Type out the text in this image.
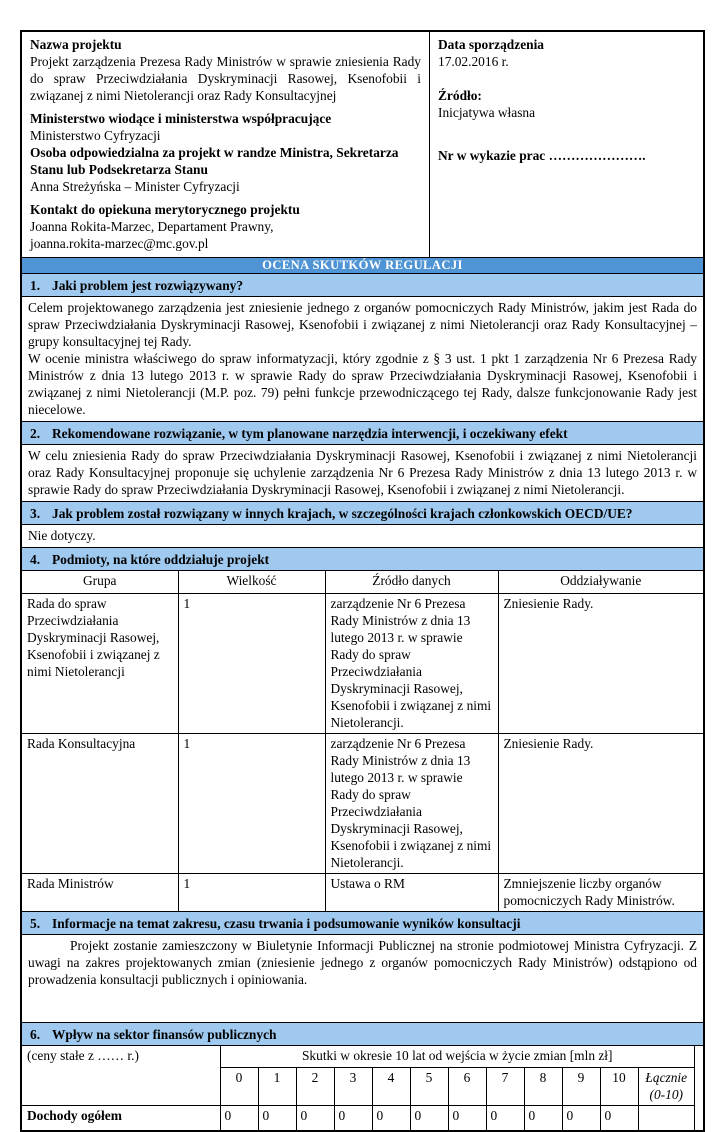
Nazwa projektu

Projekt zarządzenia Prezesa Rady Ministrów w sprawie zniesienia Rady do spraw Przeciwdziałania Dyskryminacji Rasowej, Ksenofobii i związanej z nimi Nietolerancji oraz Rady Konsultacyjnej

Ministerstwo wiodące i ministerstwa współpracujące

Ministerstwo Cyfryzacji

Osoba odpowiedzialna za projekt w randze Ministra, Sekretarza Stanu lub Podsekretarza Stanu

Anna Streżyńska – Minister Cyfryzacji

Kontakt do opiekuna merytorycznego projektu

Joanna Rokita-Marzec, Departament Prawny,

joanna.rokita-marzec@mc.gov.pl

Data sporządzenia

17.02.2016 r.

Źródło:

Inicjatywa własna

Nr w wykazie prac ………………….

OCENA SKUTKÓW REGULACJI
1. Jaki problem jest rozwiązywany?

Celem projektowanego zarządzenia jest zniesienie jednego z organów pomocniczych Rady Ministrów, jakim jest Rada do spraw Przeciwdziałania Dyskryminacji Rasowej, Ksenofobii i związanej z nimi Nietolerancji oraz Rady Konsultacyjnej – grupy konsultacyjnej tej Rady.

W ocenie ministra właściwego do spraw informatyzacji, który zgodnie z § 3 ust. 1 pkt 1 zarządzenia Nr 6 Prezesa Rady Ministrów z dnia 13 lutego 2013 r. w sprawie Rady do spraw Przeciwdziałania Dyskryminacji Rasowej, Ksenofobii i związanej z nimi Nietolerancji (M.P. poz. 79) pełni funkcje przewodniczącego tej Rady, dalsze funkcjonowanie Rady jest niecelowe.

2. Rekomendowane rozwiązanie, w tym planowane narzędzia interwencji, i oczekiwany efekt

W celu zniesienia Rady do spraw Przeciwdziałania Dyskryminacji Rasowej, Ksenofobii i związanej z nimi Nietolerancji oraz Rady Konsultacyjnej proponuje się uchylenie zarządzenia Nr 6 Prezesa Rady Ministrów z dnia 13 lutego 2013 r. w sprawie Rady do spraw Przeciwdziałania Dyskryminacji Rasowej, Ksenofobii i związanej z nimi Nietolerancji.

3. Jak problem został rozwiązany w innych krajach, w szczególności krajach członkowskich OECD/UE?

Nie dotyczy.

4. Podmioty, na które oddziałuje projekt
Grupa	Wielkość	Źródło danych	Oddziaływanie
Rada do spraw Przeciwdziałania Dyskryminacji Rasowej, Ksenofobii i związanej z nimi Nietolerancji	1	zarządzenie Nr 6 Prezesa Rady Ministrów z dnia 13 lutego 2013 r. w sprawie Rady do spraw Przeciwdziałania Dyskryminacji Rasowej, Ksenofobii i związanej z nimi Nietolerancji.	Zniesienie Rady.
Rada Konsultacyjna	1	zarządzenie Nr 6 Prezesa Rady Ministrów z dnia 13 lutego 2013 r. w sprawie Rady do spraw Przeciwdziałania Dyskryminacji Rasowej, Ksenofobii i związanej z nimi Nietolerancji.	Zniesienie Rady.
Rada Ministrów	1	Ustawa o RM	Zmniejszenie liczby organów pomocniczych Rady Ministrów.
5. Informacje na temat zakresu, czasu trwania i podsumowanie wyników konsultacji

Projekt zostanie zamieszczony w Biuletynie Informacji Publicznej na stronie podmiotowej Ministra Cyfryzacji. Z uwagi na zakres projektowanych zmian (zniesienie jednego z organów pomocniczych Rady Ministrów) odstąpiono od prowadzenia konsultacji publicznych i opiniowania.

6. Wpływ na sektor finansów publicznych
(ceny stałe z …… r.)	Skutki w okresie 10 lat od wejścia w życie zmian [mln zł]											
	0	1	2	3	4	5	6	7	8	9	10	Łącznie (0-10)
Dochody ogółem	0	0	0	0	0	0	0	0	0	0	0	
